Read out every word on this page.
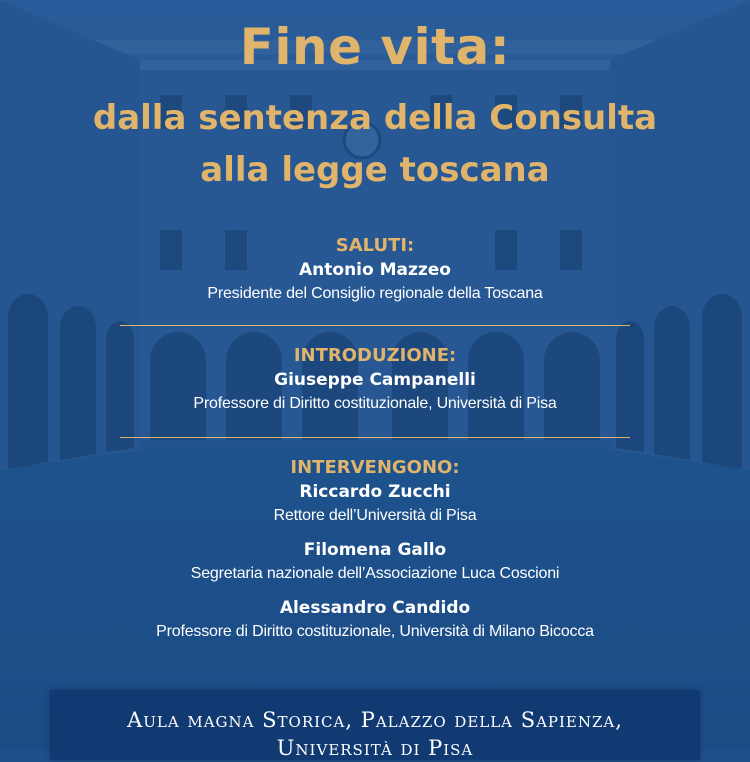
Fine vita:
dalla sentenza della Consulta
alla legge toscana
SALUTI:
Antonio Mazzeo
Presidente del Consiglio regionale della Toscana
INTRODUZIONE:
Giuseppe Campanelli
Professore di Diritto costituzionale, Università di Pisa
INTERVENGONO:
Riccardo Zucchi
Rettore dell’Università di Pisa
Filomena Gallo
Segretaria nazionale dell’Associazione Luca Coscioni
Alessandro Candido
Professore di Diritto costituzionale, Università di Milano Bicocca
Aula magna Storica, Palazzo della Sapienza,
Università di Pisa
